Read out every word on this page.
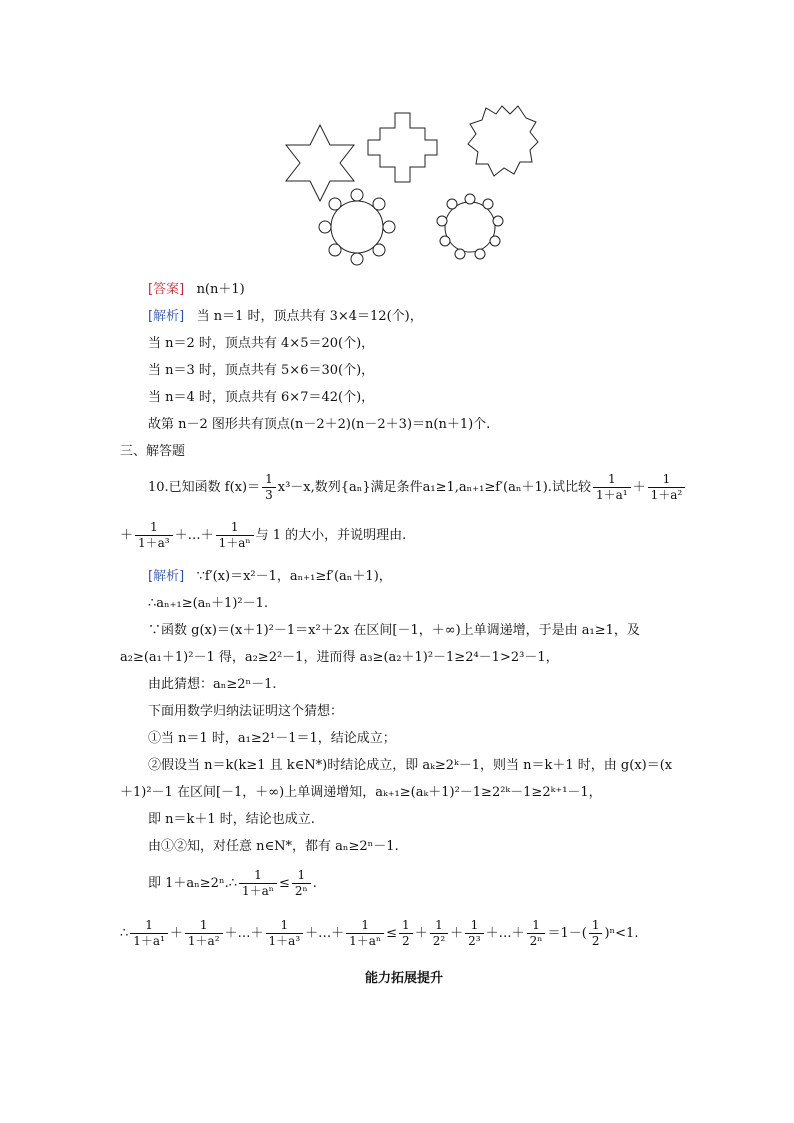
[答案] n(n＋1)
[解析] 当 n＝1 时，顶点共有 3×4＝12(个)，
当 n＝2 时，顶点共有 4×5＝20(个)，
当 n＝3 时，顶点共有 5×6＝30(个)，
当 n＝4 时，顶点共有 6×7＝42(个)，
故第 n－2 图形共有顶点(n－2＋2)(n－2＋3)＝n(n＋1)个.
三、解答题
10.已知函数 $f(x)= \frac{1}{3} x^3-x$,数列{aₙ}满足条件a₁≥1,aₙ₊₁≥f′(aₙ＋1).试比较 $\frac{1}{\text{1＋a¹}} + \frac{1}{\text{1＋a²}}$
＋ $\frac{1}{\text{1＋a³}}$ ＋…＋ $\frac{1}{\text{1＋aⁿ}}$ 与 1 的大小，并说明理由.
[解析] ∵f′(x)＝x²－1，aₙ₊₁≥f′(aₙ＋1)，
∴aₙ₊₁≥(aₙ＋1)²－1.
∵函数 g(x)＝(x＋1)²－1＝x²＋2x 在区间[－1，＋∞)上单调递增，于是由 a₁≥1，及
a₂≥(a₁＋1)²－1 得，a₂≥2²－1，进而得 a₃≥(a₂＋1)²－1≥2⁴－1>2³－1，
由此猜想：aₙ≥2ⁿ－1.
下面用数学归纳法证明这个猜想：
①当 n＝1 时，a₁≥2¹－1＝1，结论成立；
②假设当 n＝k(k≥1 且 k∈N*)时结论成立，即 aₖ≥2ᵏ－1，则当 n＝k＋1 时，由 g(x)＝(x
＋1)²－1 在区间[－1，＋∞)上单调递增知，aₖ₊₁≥(aₖ＋1)²－1≥2²ᵏ－1≥2ᵏ⁺¹－1，
即 n＝k＋1 时，结论也成立.
由①②知，对任意 n∈N*，都有 aₙ≥2ⁿ－1.
即 1＋aₙ≥2ⁿ.∴ $\frac{1}{\text{1＋aⁿ}} \le \frac{1}{\text{2ⁿ}}$ .
∴ $\frac{1}{\text{1＋a¹}} + \frac{1}{\text{1＋a²}}$ ＋…＋ $\frac{1}{\text{1＋a³}}$ ＋…＋ $\frac{1}{\text{1＋aⁿ}} \le \frac{1}{2} + \frac{1}{\text{2²}} + \frac{1}{\text{2³}}$ ＋…＋ $\frac{1}{\text{2ⁿ}} =1-( \frac{1}{2} )^n<1$.
能力拓展提升
